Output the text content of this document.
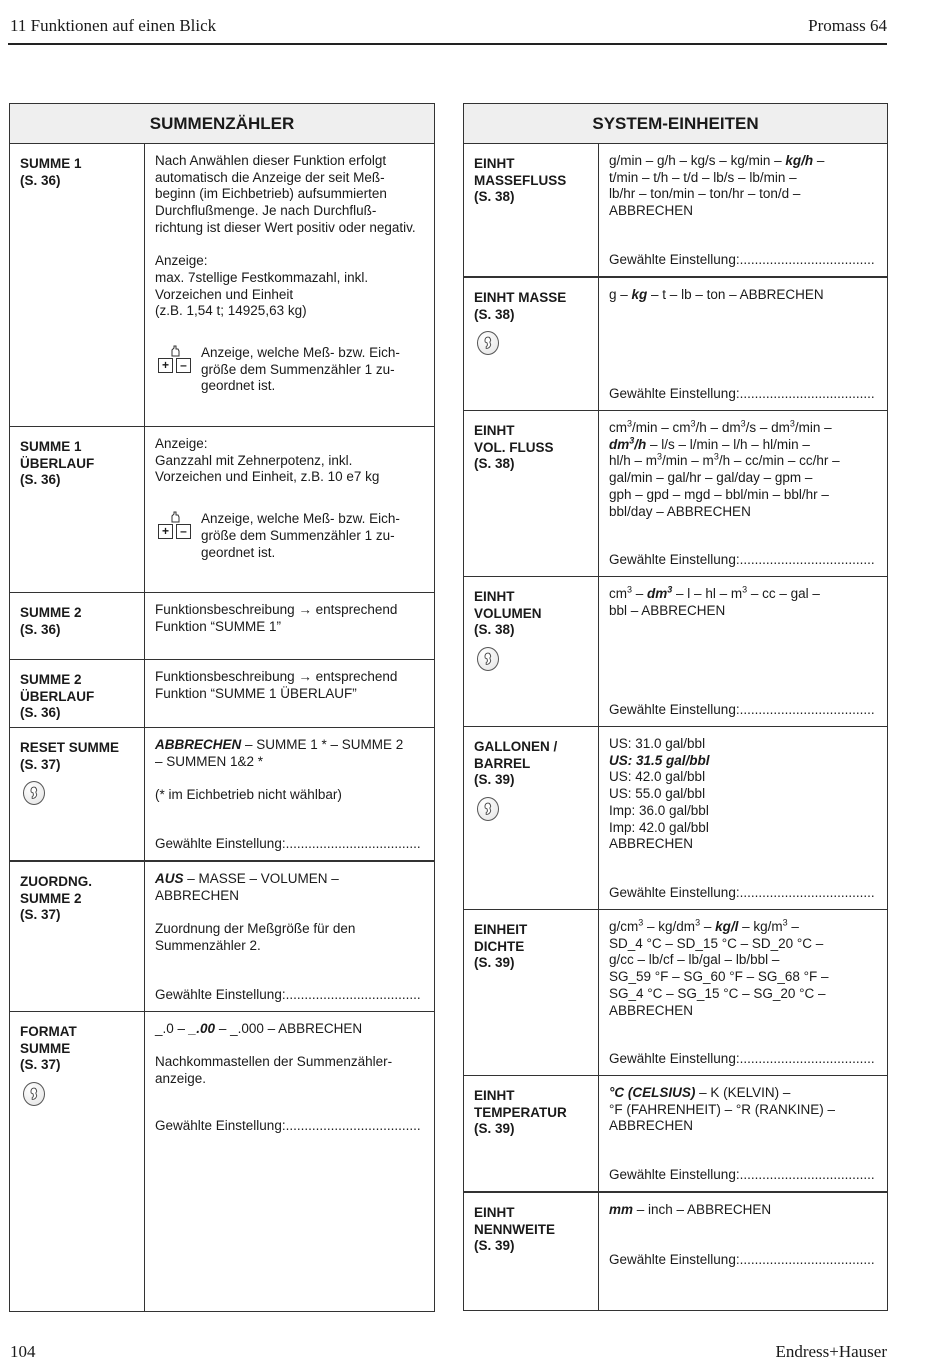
11 Funktionen auf einen Blick	Promass 64
SUMMENZÄHLER
SUMME 1
(S. 36)
Nach Anwählen dieser Funktion erfolgt
automatisch die Anzeige der seit Meß-
beginn (im Eichbetrieb) aufsummierten
Durchflußmenge. Je nach Durchfluß-
richtung ist dieser Wert positiv oder negativ.
Anzeige:
max. 7stellige Festkommazahl, inkl.
Vorzeichen und Einheit
(z.B. 1,54 t; 14925,63 kg)
+ –
Anzeige, welche Meß- bzw. Eich-
größe dem Summenzähler 1 zu-
geordnet ist.
SUMME 1
ÜBERLAUF
(S. 36)
Anzeige:
Ganzzahl mit Zehnerpotenz, inkl.
Vorzeichen und Einheit, z.B. 10 e7 kg
+ –
Anzeige, welche Meß- bzw. Eich-
größe dem Summenzähler 1 zu-
geordnet ist.
SUMME 2
(S. 36)
Funktionsbeschreibung → entsprechend
Funktion “SUMME 1”
SUMME 2
ÜBERLAUF
(S. 36)
Funktionsbeschreibung → entsprechend
Funktion “SUMME 1 ÜBERLAUF”
RESET SUMME
(S. 37)
ABBRECHEN – SUMME 1 * – SUMME 2
– SUMMEN 1&2 *
(* im Eichbetrieb nicht wählbar)
Gewählte Einstellung:....................................
ZUORDNG.
SUMME 2
(S. 37)
AUS – MASSE – VOLUMEN –
ABBRECHEN
Zuordnung der Meßgröße für den
Summenzähler 2.
Gewählte Einstellung:....................................
FORMAT
SUMME
(S. 37)
_.0 – _.00 – _.000 – ABBRECHEN
Nachkommastellen der Summenzähler-
anzeige.
Gewählte Einstellung:....................................
SYSTEM-EINHEITEN
EINHT
MASSEFLUSS
(S. 38)
g/min – g/h – kg/s – kg/min – kg/h –
t/min – t/h – t/d – lb/s – lb/min –
lb/hr – ton/min – ton/hr – ton/d –
ABBRECHEN
Gewählte Einstellung:....................................
EINHT MASSE
(S. 38)
g – kg – t – lb – ton – ABBRECHEN
Gewählte Einstellung:....................................
EINHT
VOL. FLUSS
(S. 38)
$cm^3/\min - cm^3/h - dm^3/s - dm^3/\min$ –
$dm^3/h - l/s - l/\min - l/h - hl/\min$ –
$hl/h - m^3/\min - m^3/h - cc/\min - cc/hr$ –
gal/min – gal/hr – gal/day – gpm –
gph – gpd – mgd – bbl/min – bbl/hr –
bbl/day – ABBRECHEN
Gewählte Einstellung:....................................
EINHT
VOLUMEN
(S. 38)
$cm^3 - dm^3$ – l – hl – $m^3$ – cc – gal –
bbl – ABBRECHEN
Gewählte Einstellung:....................................
GALLONEN /
BARREL
(S. 39)
US: 31.0 gal/bbl
US: 31.5 gal/bbl
US: 42.0 gal/bbl
US: 55.0 gal/bbl
Imp: 36.0 gal/bbl
Imp: 42.0 gal/bbl
ABBRECHEN
Gewählte Einstellung:....................................
EINHEIT
DICHTE
(S. 39)
$g/cm^3 - kg/dm^3 - kg/l - kg/m^3$ –
SD_4 °C – SD_15 °C – SD_20 °C –
g/cc – lb/cf – lb/gal – lb/bbl –
SG_59 °F – SG_60 °F – SG_68 °F –
SG_4 °C – SG_15 °C – SG_20 °C –
ABBRECHEN
Gewählte Einstellung:....................................
EINHT
TEMPERATUR
(S. 39)
°C (CELSIUS) – K (KELVIN) –
°F (FAHRENHEIT) – °R (RANKINE) –
ABBRECHEN
Gewählte Einstellung:....................................
EINHT
NENNWEITE
(S. 39)
mm – inch – ABBRECHEN
Gewählte Einstellung:....................................
104	Endress+Hauser
